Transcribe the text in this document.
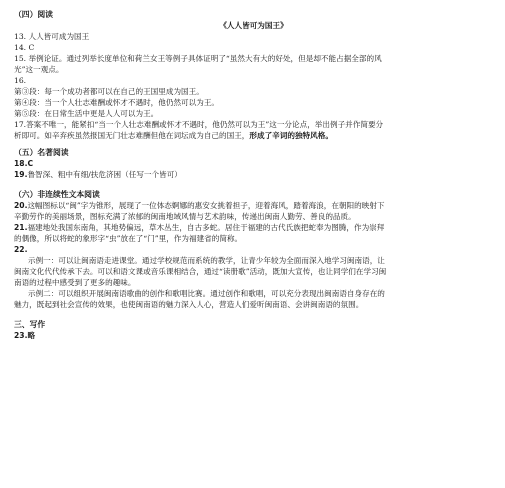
（四）阅读
《人人皆可为国王》
13. 人人皆可成为国王
14. C
15. 举例论证。通过列举长度单位和荷兰女王等例子具体证明了“虽然大有大的好处，但是却不能占据全部的风
光”这一观点。
16.
第③段：每一个成功者都可以在自己的王国里成为国王。
第④段：当一个人壮志难酬或怀才不遇时，他仍然可以为王。
第⑤段：在日常生活中更是人人可以为王。
17.答案不唯一，能紧扣“当一个人壮志难酬或怀才不遇时，他仍然可以为王”这一分论点，举出例子并作简要分
析即可。如辛弃疾虽然报国无门壮志难酬但他在词坛成为自己的国王，形成了辛词的独特风格。
（五）名著阅读
18.C
19.鲁智深、粗中有细/扶危济困（任写一个皆可）
（六）非连续性文本阅读
20.这幅图标以“闽”字为锥形，展现了一位体态婀娜的惠安女挑着担子，迎着海风，踏着海浪，在朝阳的映射下
辛勤劳作的美丽场景，图标充满了浓郁的闽南地域风情与艺术韵味，传递出闽南人勤劳、善良的品质。
21.福建地处我国东南角，其地势偏远，草木丛生，自古多蛇。居住于福建的古代氏族把蛇奉为图腾，作为崇拜
的偶像，所以将蛇的象形字“虫”放在了“门”里，作为福建省的简称。
22.
示例一：可以让闽南语走进课堂。通过学校规范而系统的教学，让青少年较为全面而深入地学习闽南语，让
闽南文化代代传承下去。可以和语文课或音乐课相结合，通过“读册歌”活动，既加大宣传，也让同学们在学习闽
南语的过程中感受到了更多的趣味。
示例二：可以组织开展闽南语歌曲的创作和歌唱比赛。通过创作和歌唱，可以充分表现出闽南语自身存在的
魅力，既起到社会宣传的效果，也使闽南语的魅力深入人心，营造人们爱听闽南语、会讲闽南语的氛围。
三、写作
23.略
